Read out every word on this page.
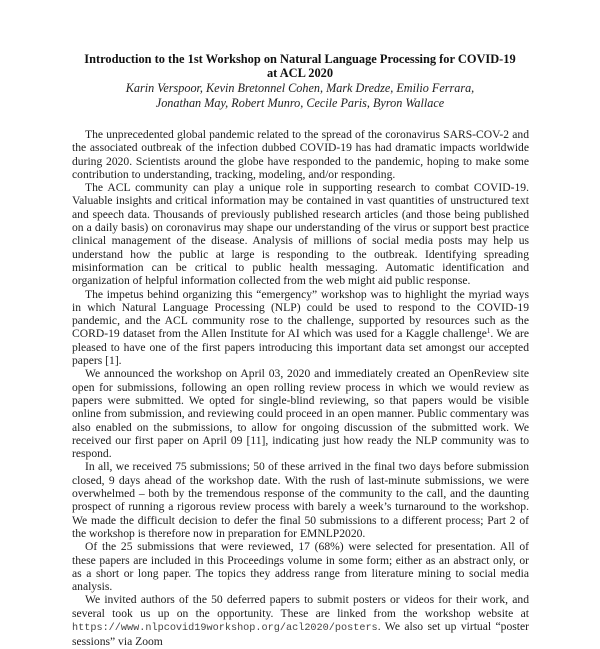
Introduction to the 1st Workshop on Natural Language Processing for COVID-19
at ACL 2020
Karin Verspoor, Kevin Bretonnel Cohen, Mark Dredze, Emilio Ferrara,
Jonathan May, Robert Munro, Cecile Paris, Byron Wallace

The unprecedented global pandemic related to the spread of the coronavirus SARS-COV-2 and the associated outbreak of the infection dubbed COVID-19 has had dramatic impacts worldwide during 2020. Scientists around the globe have responded to the pandemic, hoping to make some contribution to understanding, tracking, modeling, and/or responding.

The ACL community can play a unique role in supporting research to combat COVID-19. Valuable insights and critical information may be contained in vast quantities of unstructured text and speech data. Thousands of previously published research articles (and those being published on a daily basis) on coronavirus may shape our understanding of the virus or support best practice clinical management of the disease. Analysis of millions of social media posts may help us understand how the public at large is responding to the outbreak. Identifying spreading misinformation can be critical to public health messaging. Automatic identification and organization of helpful information collected from the web might aid public response.

The impetus behind organizing this “emergency” workshop was to highlight the myriad ways in which Natural Language Processing (NLP) could be used to respond to the COVID-19 pandemic, and the ACL community rose to the challenge, supported by resources such as the CORD-19 dataset from the Allen Institute for AI which was used for a Kaggle challenge$^1$. We are pleased to have one of the first papers introducing this important data set amongst our accepted papers [1].

We announced the workshop on April 03, 2020 and immediately created an OpenReview site open for submissions, following an open rolling review process in which we would review as papers were submitted. We opted for single-blind reviewing, so that papers would be visible online from submission, and reviewing could proceed in an open manner. Public commentary was also enabled on the submissions, to allow for ongoing discussion of the submitted work. We received our first paper on April 09 [11], indicating just how ready the NLP community was to respond.

In all, we received 75 submissions; 50 of these arrived in the final two days before submission closed, 9 days ahead of the workshop date. With the rush of last-minute submissions, we were overwhelmed – both by the tremendous response of the community to the call, and the daunting prospect of running a rigorous review process with barely a week’s turnaround to the workshop. We made the difficult decision to defer the final 50 submissions to a different process; Part 2 of the workshop is therefore now in preparation for EMNLP2020.

Of the 25 submissions that were reviewed, 17 (68%) were selected for presentation. All of these papers are included in this Proceedings volume in some form; either as an abstract only, or as a short or long paper. The topics they address range from literature mining to social media analysis.

We invited authors of the 50 deferred papers to submit posters or videos for their work, and several took us up on the opportunity. These are linked from the workshop website at https://www.nlpcovid19workshop.org/acl2020/posters. We also set up virtual “poster sessions” via Zoom
